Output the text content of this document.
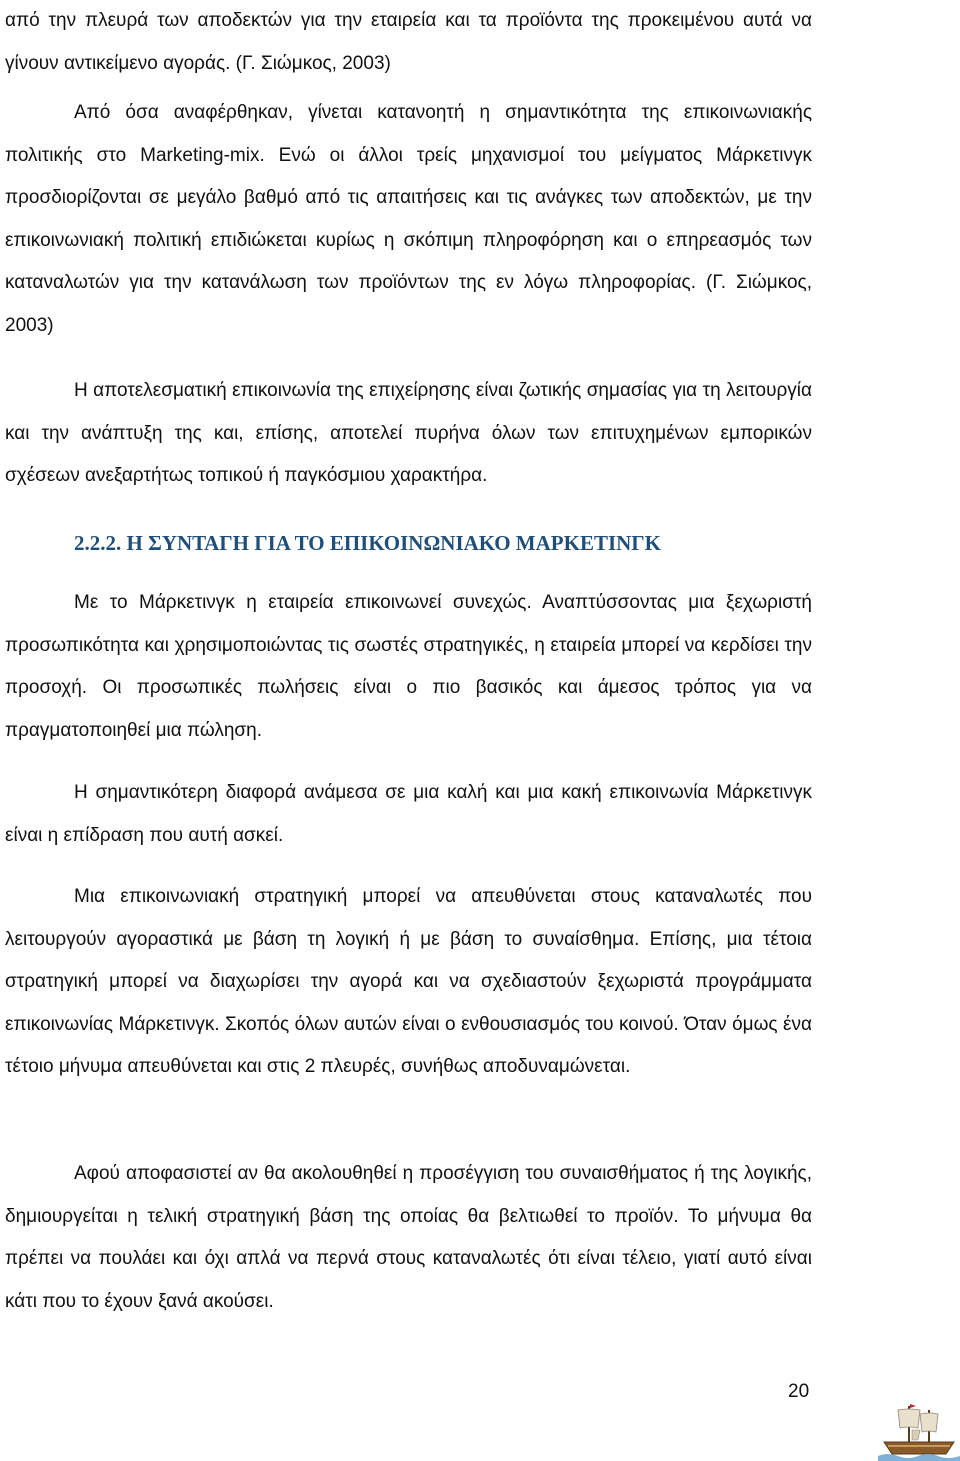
από την πλευρά των αποδεκτών για την εταιρεία και τα προϊόντα της προκειμένου αυτά να γίνουν αντικείμενο αγοράς. (Γ. Σιώμκος, 2003)

Από όσα αναφέρθηκαν, γίνεται κατανοητή η σημαντικότητα της επικοινωνιακής πολιτικής στο Marketing-mix. Ενώ οι άλλοι τρείς μηχανισμοί του μείγματος Μάρκετινγκ προσδιορίζονται σε μεγάλο βαθμό από τις απαιτήσεις και τις ανάγκες των αποδεκτών, με την επικοινωνιακή πολιτική επιδιώκεται κυρίως η σκόπιμη πληροφόρηση και ο επηρεασμός των καταναλωτών για την κατανάλωση των προϊόντων της εν λόγω πληροφορίας. (Γ. Σιώμκος, 2003)

Η αποτελεσματική επικοινωνία της επιχείρησης είναι ζωτικής σημασίας για τη λειτουργία και την ανάπτυξη της και, επίσης, αποτελεί πυρήνα όλων των επιτυχημένων εμπορικών σχέσεων ανεξαρτήτως τοπικού ή παγκόσμιου χαρακτήρα.

2.2.2. Η ΣΥΝΤΑΓΗ ΓΙΑ ΤΟ ΕΠΙΚΟΙΝΩΝΙΑΚΟ ΜΑΡΚΕΤΙΝΓΚ

Με το Μάρκετινγκ η εταιρεία επικοινωνεί συνεχώς. Αναπτύσσοντας μια ξεχωριστή προσωπικότητα και χρησιμοποιώντας τις σωστές στρατηγικές, η εταιρεία μπορεί να κερδίσει την προσοχή. Οι προσωπικές πωλήσεις είναι ο πιο βασικός και άμεσος τρόπος για να πραγματοποιηθεί μια πώληση.

Η σημαντικότερη διαφορά ανάμεσα σε μια καλή και μια κακή επικοινωνία Μάρκετινγκ είναι η επίδραση που αυτή ασκεί.

Μια επικοινωνιακή στρατηγική μπορεί να απευθύνεται στους καταναλωτές που λειτουργούν αγοραστικά με βάση τη λογική ή με βάση το συναίσθημα. Επίσης, μια τέτοια στρατηγική μπορεί να διαχωρίσει την αγορά και να σχεδιαστούν ξεχωριστά προγράμματα επικοινωνίας Μάρκετινγκ. Σκοπός όλων αυτών είναι ο ενθουσιασμός του κοινού. Όταν όμως ένα τέτοιο μήνυμα απευθύνεται και στις 2 πλευρές, συνήθως αποδυναμώνεται.

Αφού αποφασιστεί αν θα ακολουθηθεί η προσέγγιση του συναισθήματος ή της λογικής, δημιουργείται η τελική στρατηγική βάση της οποίας θα βελτιωθεί το προϊόν. Το μήνυμα θα πρέπει να πουλάει και όχι απλά να περνά στους καταναλωτές ότι είναι τέλειο, γιατί αυτό είναι κάτι που το έχουν ξανά ακούσει.

20
